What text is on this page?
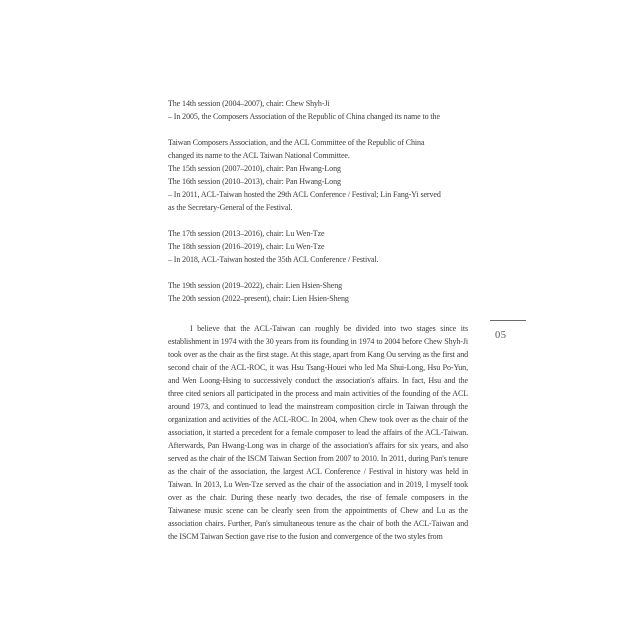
The 14th session (2004–2007), chair: Chew Shyh-Ji
– In 2005, the Composers Association of the Republic of China changed its name to the
Taiwan Composers Association, and the ACL Committee of the Republic of China
changed its name to the ACL Taiwan National Committee.
The 15th session (2007–2010), chair: Pan Hwang-Long
The 16th session (2010–2013), chair: Pan Hwang-Long
– In 2011, ACL-Taiwan hosted the 29th ACL Conference / Festival; Lin Fang-Yi served
as the Secretary-General of the Festival.
The 17th session (2013–2016), chair: Lu Wen-Tze
The 18th session (2016–2019), chair: Lu Wen-Tze
– In 2018, ACL-Taiwan hosted the 35th ACL Conference / Festival.
The 19th session (2019–2022), chair: Lien Hsien-Sheng
The 20th session (2022–present), chair: Lien Hsien-Sheng

I believe that the ACL-Taiwan can roughly be divided into two stages since its establishment in 1974 with the 30 years from its founding in 1974 to 2004 before Chew Shyh-Ji took over as the chair as the first stage. At this stage, apart from Kang Ou serving as the first and second chair of the ACL-ROC, it was Hsu Tsang-Houei who led Ma Shui-Long, Hsu Po-Yun, and Wen Loong-Hsing to successively conduct the association's affairs. In fact, Hsu and the three cited seniors all participated in the process and main activities of the founding of the ACL around 1973, and continued to lead the mainstream composition circle in Taiwan through the organization and activities of the ACL-ROC. In 2004, when Chew took over as the chair of the association, it started a precedent for a female composer to lead the affairs of the ACL-Taiwan. Afterwards, Pan Hwang-Long was in charge of the association's affairs for six years, and also served as the chair of the ISCM Taiwan Section from 2007 to 2010. In 2011, during Pan's tenure as the chair of the association, the largest ACL Conference / Festival in history was held in Taiwan. In 2013, Lu Wen-Tze served as the chair of the association and in 2019, I myself took over as the chair. During these nearly two decades, the rise of female composers in the Taiwanese music scene can be clearly seen from the appointments of Chew and Lu as the association chairs. Further, Pan's simultaneous tenure as the chair of both the ACL-Taiwan and the ISCM Taiwan Section gave rise to the fusion and convergence of the two styles from

05
